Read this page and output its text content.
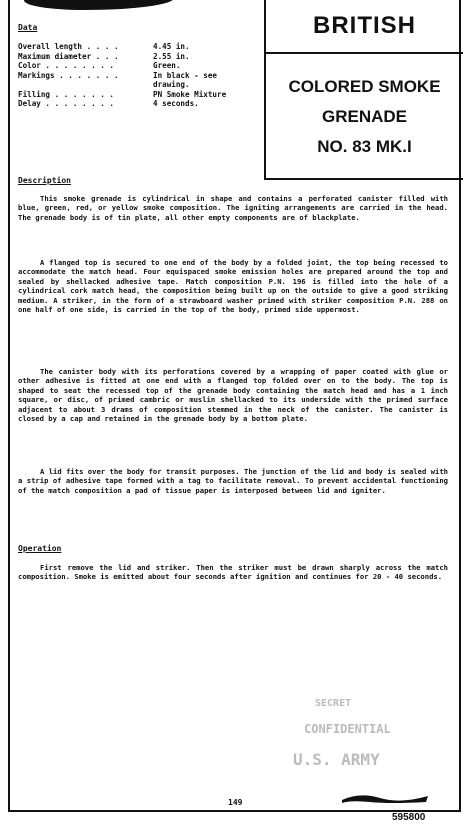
BRITISH
COLORED SMOKE
GRENADE
NO. 83 MK.I
Data
Overall length . . . .	4.45 in.
Maximum diameter . . .	2.55 in.
Color . . . . . . . .	Green.
Markings . . . . . . .	In black - see
drawing.
Filling . . . . . . .	PN Smoke Mixture
Delay . . . . . . . .	4 seconds.
Description
This smoke grenade is cylindrical in shape and contains a perforated canister filled with blue, green, red, or yellow smoke composition. The igniting arrangements are carried in the head. The grenade body is of tin plate, all other empty components are of blackplate.
A flanged top is secured to one end of the body by a folded joint, the top being recessed to accommodate the match head. Four equispaced smoke emission holes are prepared around the top and sealed by shellacked adhesive tape. Match composition P.N. 196 is filled into the hole of a cylindrical cork match head, the composition being built up on the outside to give a good striking medium. A striker, in the form of a strawboard washer primed with striker composition P.N. 288 on one half of one side, is carried in the top of the body, primed side uppermost.
The canister body with its perforations covered by a wrapping of paper coated with glue or other adhesive is fitted at one end with a flanged top folded over on to the body. The top is shaped to seat the recessed top of the grenade body containing the match head and has a 1 inch square, or disc, of primed cambric or muslin shellacked to its underside with the primed surface adjacent to about 3 drams of composition stemmed in the neck of the canister. The canister is closed by a cap and retained in the grenade body by a bottom plate.
A lid fits over the body for transit purposes. The junction of the lid and body is sealed with a strip of adhesive tape formed with a tag to facilitate removal. To prevent accidental functioning of the match composition a pad of tissue paper is interposed between lid and igniter.
Operation
First remove the lid and striker. Then the striker must be drawn sharply across the match composition. Smoke is emitted about four seconds after ignition and continues for 20 - 40 seconds.
SECRET
CONFIDENTIAL
U.S. ARMY
149
595800
